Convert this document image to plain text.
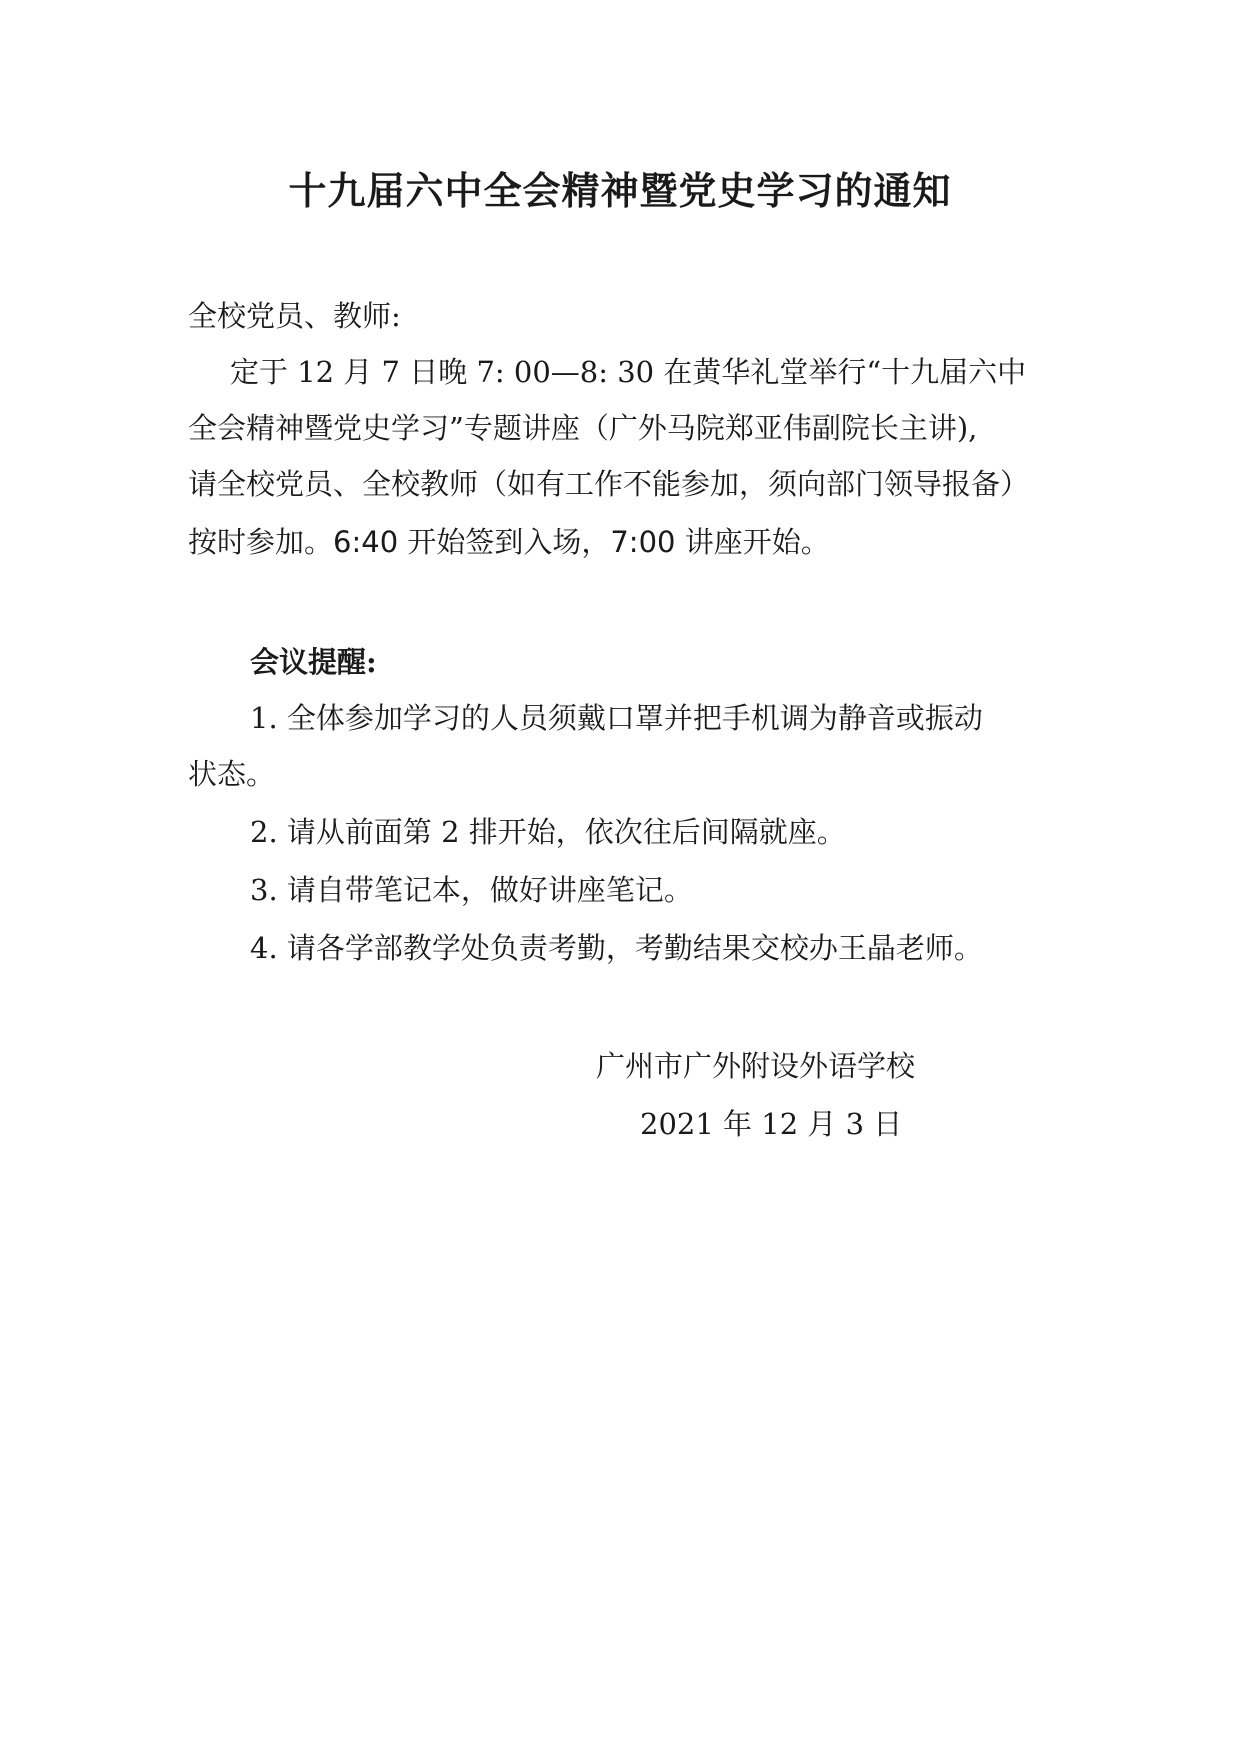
十九届六中全会精神暨党史学习的通知
全校党员、教师:
定于 12 月 7 日晚 7: 00—8: 30 在黄华礼堂举行“十九届六中
全会精神暨党史学习”专题讲座（广外马院郑亚伟副院长主讲),
请全校党员、全校教师（如有工作不能参加，须向部门领导报备）
按时参加。6:40 开始签到入场，7:00 讲座开始。
会议提醒:
1. 全体参加学习的人员须戴口罩并把手机调为静音或振动
状态。
2. 请从前面第 2 排开始，依次往后间隔就座。
3. 请自带笔记本，做好讲座笔记。
4. 请各学部教学处负责考勤，考勤结果交校办王晶老师。
广州市广外附设外语学校
2021 年 12 月 3 日
